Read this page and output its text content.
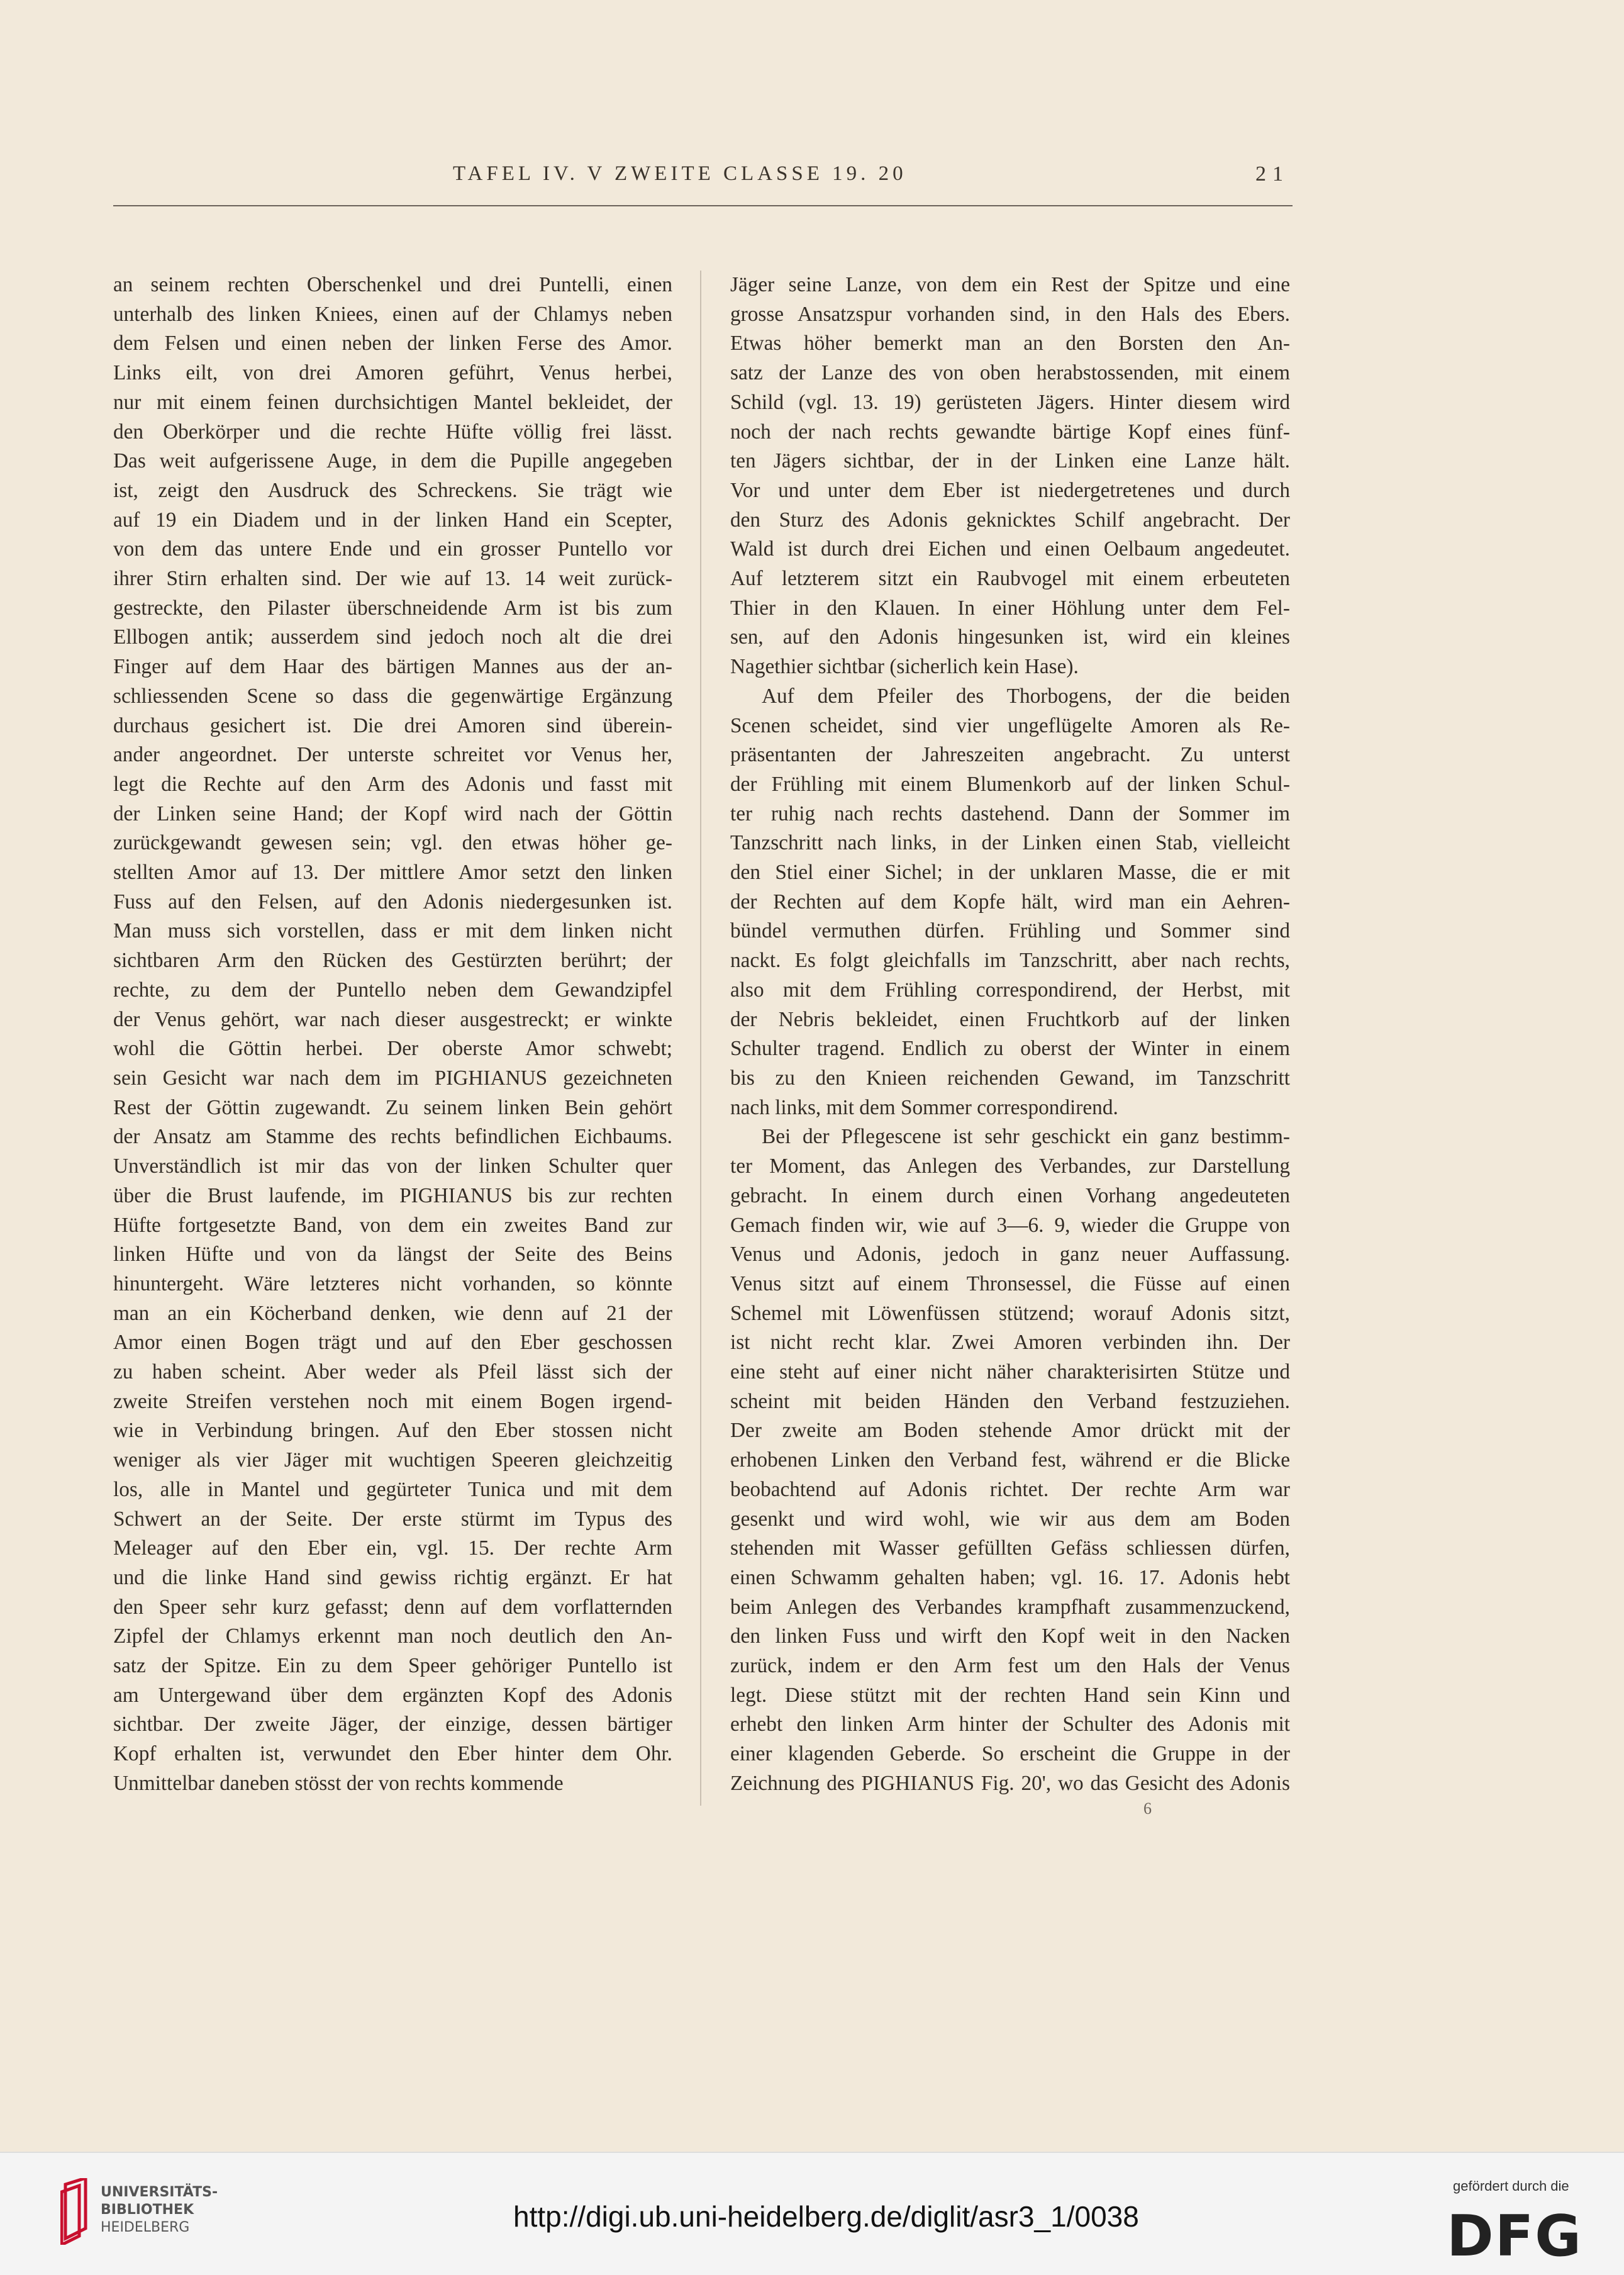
TAFEL IV. V ZWEITE CLASSE 19. 20	21
an seinem rechten Oberschenkel und drei Puntelli, einen
unterhalb des linken Kniees, einen auf der Chlamys neben
dem Felsen und einen neben der linken Ferse des Amor.
Links eilt, von drei Amoren geführt, Venus herbei,
nur mit einem feinen durchsichtigen Mantel bekleidet, der
den Oberkörper und die rechte Hüfte völlig frei lässt.
Das weit aufgerissene Auge, in dem die Pupille angegeben
ist, zeigt den Ausdruck des Schreckens. Sie trägt wie
auf 19 ein Diadem und in der linken Hand ein Scepter,
von dem das untere Ende und ein grosser Puntello vor
ihrer Stirn erhalten sind. Der wie auf 13. 14 weit zurück-
gestreckte, den Pilaster überschneidende Arm ist bis zum
Ellbogen antik; ausserdem sind jedoch noch alt die drei
Finger auf dem Haar des bärtigen Mannes aus der an-
schliessenden Scene so dass die gegenwärtige Ergänzung
durchaus gesichert ist. Die drei Amoren sind überein-
ander angeordnet. Der unterste schreitet vor Venus her,
legt die Rechte auf den Arm des Adonis und fasst mit
der Linken seine Hand; der Kopf wird nach der Göttin
zurückgewandt gewesen sein; vgl. den etwas höher ge-
stellten Amor auf 13. Der mittlere Amor setzt den linken
Fuss auf den Felsen, auf den Adonis niedergesunken ist.
Man muss sich vorstellen, dass er mit dem linken nicht
sichtbaren Arm den Rücken des Gestürzten berührt; der
rechte, zu dem der Puntello neben dem Gewandzipfel
der Venus gehört, war nach dieser ausgestreckt; er winkte
wohl die Göttin herbei. Der oberste Amor schwebt;
sein Gesicht war nach dem im PIGHIANUS gezeichneten
Rest der Göttin zugewandt. Zu seinem linken Bein gehört
der Ansatz am Stamme des rechts befindlichen Eichbaums.
Unverständlich ist mir das von der linken Schulter quer
über die Brust laufende, im PIGHIANUS bis zur rechten
Hüfte fortgesetzte Band, von dem ein zweites Band zur
linken Hüfte und von da längst der Seite des Beins
hinuntergeht. Wäre letzteres nicht vorhanden, so könnte
man an ein Köcherband denken, wie denn auf 21 der
Amor einen Bogen trägt und auf den Eber geschossen
zu haben scheint. Aber weder als Pfeil lässt sich der
zweite Streifen verstehen noch mit einem Bogen irgend-
wie in Verbindung bringen. Auf den Eber stossen nicht
weniger als vier Jäger mit wuchtigen Speeren gleichzeitig
los, alle in Mantel und gegürteter Tunica und mit dem
Schwert an der Seite. Der erste stürmt im Typus des
Meleager auf den Eber ein, vgl. 15. Der rechte Arm
und die linke Hand sind gewiss richtig ergänzt. Er hat
den Speer sehr kurz gefasst; denn auf dem vorflatternden
Zipfel der Chlamys erkennt man noch deutlich den An-
satz der Spitze. Ein zu dem Speer gehöriger Puntello ist
am Untergewand über dem ergänzten Kopf des Adonis
sichtbar. Der zweite Jäger, der einzige, dessen bärtiger
Kopf erhalten ist, verwundet den Eber hinter dem Ohr.
Unmittelbar daneben stösst der von rechts kommende
Jäger seine Lanze, von dem ein Rest der Spitze und eine
grosse Ansatzspur vorhanden sind, in den Hals des Ebers.
Etwas höher bemerkt man an den Borsten den An-
satz der Lanze des von oben herabstossenden, mit einem
Schild (vgl. 13. 19) gerüsteten Jägers. Hinter diesem wird
noch der nach rechts gewandte bärtige Kopf eines fünf-
ten Jägers sichtbar, der in der Linken eine Lanze hält.
Vor und unter dem Eber ist niedergetretenes und durch
den Sturz des Adonis geknicktes Schilf angebracht. Der
Wald ist durch drei Eichen und einen Oelbaum angedeutet.
Auf letzterem sitzt ein Raubvogel mit einem erbeuteten
Thier in den Klauen. In einer Höhlung unter dem Fel-
sen, auf den Adonis hingesunken ist, wird ein kleines
Nagethier sichtbar (sicherlich kein Hase).
Auf dem Pfeiler des Thorbogens, der die beiden
Scenen scheidet, sind vier ungeflügelte Amoren als Re-
präsentanten der Jahreszeiten angebracht. Zu unterst
der Frühling mit einem Blumenkorb auf der linken Schul-
ter ruhig nach rechts dastehend. Dann der Sommer im
Tanzschritt nach links, in der Linken einen Stab, vielleicht
den Stiel einer Sichel; in der unklaren Masse, die er mit
der Rechten auf dem Kopfe hält, wird man ein Aehren-
bündel vermuthen dürfen. Frühling und Sommer sind
nackt. Es folgt gleichfalls im Tanzschritt, aber nach rechts,
also mit dem Frühling correspondirend, der Herbst, mit
der Nebris bekleidet, einen Fruchtkorb auf der linken
Schulter tragend. Endlich zu oberst der Winter in einem
bis zu den Knieen reichenden Gewand, im Tanzschritt
nach links, mit dem Sommer correspondirend.
Bei der Pflegescene ist sehr geschickt ein ganz bestimm-
ter Moment, das Anlegen des Verbandes, zur Darstellung
gebracht. In einem durch einen Vorhang angedeuteten
Gemach finden wir, wie auf 3—6. 9, wieder die Gruppe von
Venus und Adonis, jedoch in ganz neuer Auffassung.
Venus sitzt auf einem Thronsessel, die Füsse auf einen
Schemel mit Löwenfüssen stützend; worauf Adonis sitzt,
ist nicht recht klar. Zwei Amoren verbinden ihn. Der
eine steht auf einer nicht näher charakterisirten Stütze und
scheint mit beiden Händen den Verband festzuziehen.
Der zweite am Boden stehende Amor drückt mit der
erhobenen Linken den Verband fest, während er die Blicke
beobachtend auf Adonis richtet. Der rechte Arm war
gesenkt und wird wohl, wie wir aus dem am Boden
stehenden mit Wasser gefüllten Gefäss schliessen dürfen,
einen Schwamm gehalten haben; vgl. 16. 17. Adonis hebt
beim Anlegen des Verbandes krampfhaft zusammenzuckend,
den linken Fuss und wirft den Kopf weit in den Nacken
zurück, indem er den Arm fest um den Hals der Venus
legt. Diese stützt mit der rechten Hand sein Kinn und
erhebt den linken Arm hinter der Schulter des Adonis mit
einer klagenden Geberde. So erscheint die Gruppe in der
Zeichnung des PIGHIANUS Fig. 20', wo das Gesicht des Adonis
6
UNIVERSITÄTS-
BIBLIOTHEK
HEIDELBERG	http://digi.ub.uni-heidelberg.de/diglit/asr3_1/0038
gefördert durch die
DFG
